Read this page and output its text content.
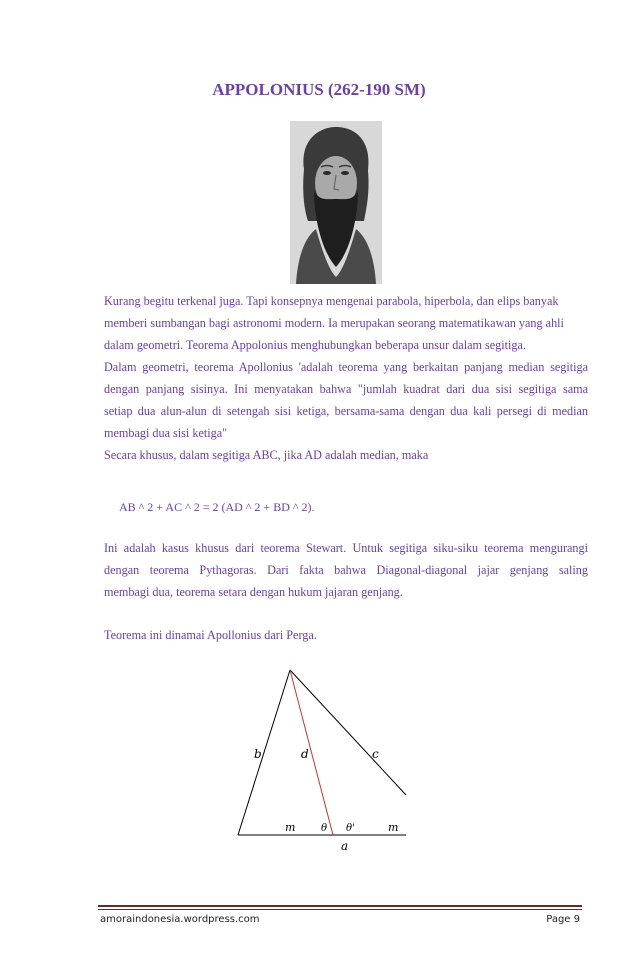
APPOLONIUS (262-190 SM)

Kurang begitu terkenal juga. Tapi konsepnya mengenai parabola, hiperbola, dan elips banyak

memberi sumbangan bagi astronomi modern. Ia merupakan seorang matematikawan yang ahli

dalam geometri. Teorema Appolonius menghubungkan beberapa unsur dalam segitiga.

Dalam geometri, teorema Apollonius 'adalah teorema yang berkaitan panjang median segitiga

dengan panjang sisinya. Ini menyatakan bahwa "jumlah kuadrat dari dua sisi segitiga sama

setiap dua alun-alun di setengah sisi ketiga, bersama-sama dengan dua kali persegi di median

membagi dua sisi ketiga"

Secara khusus, dalam segitiga ABC, jika AD adalah median, maka

AB ^ 2 + AC ^ 2 = 2 (AD ^ 2 + BD ^ 2).

Ini adalah kasus khusus dari teorema Stewart. Untuk segitiga siku-siku teorema mengurangi

dengan teorema Pythagoras. Dari fakta bahwa Diagonal-diagonal jajar genjang saling

membagi dua, teorema setara dengan hukum jajaran genjang.

Teorema ini dinamai Apollonius dari Perga.

b	d	c
m	θ θ'	m
a
amoraindonesia.wordpress.com	Page 9
